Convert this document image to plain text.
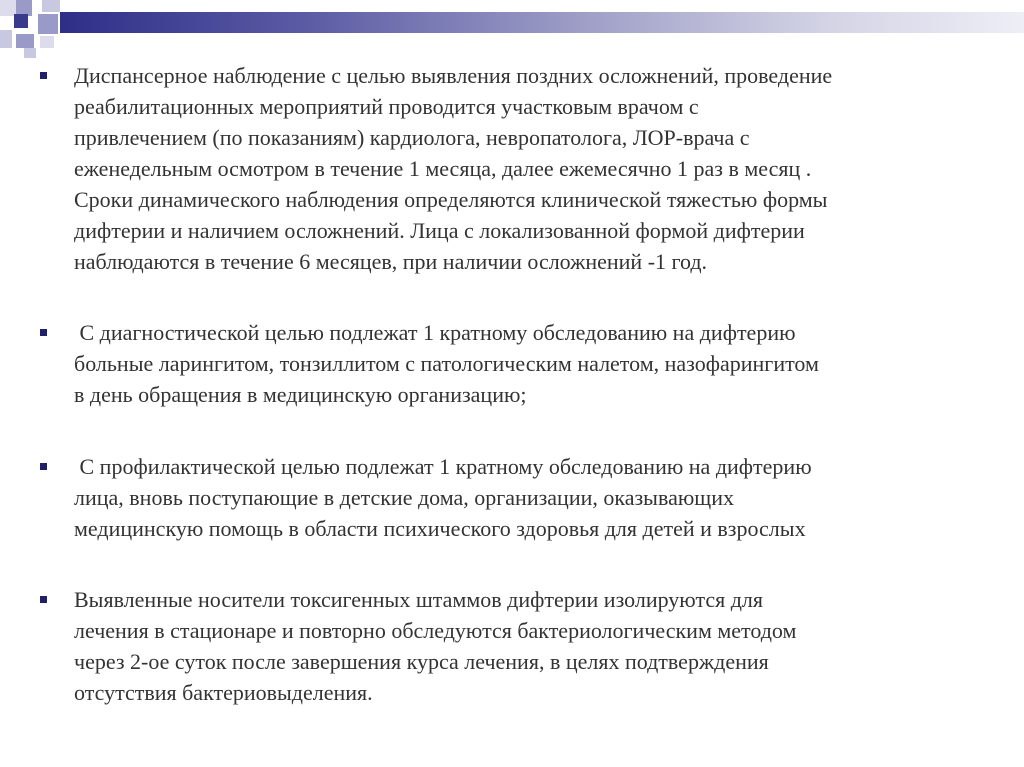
Диспансерное наблюдение с целью выявления поздних осложнений, проведение
реабилитационных мероприятий проводится участковым врачом с
привлечением (по показаниям) кардиолога, невропатолога, ЛОР-врача с
еженедельным осмотром в течение 1 месяца, далее ежемесячно 1 раз в месяц .
Сроки динамического наблюдения определяются клинической тяжестью формы
дифтерии и наличием осложнений. Лица с локализованной формой дифтерии
наблюдаются в течение 6 месяцев, при наличии осложнений -1 год.
С диагностической целью подлежат 1 кратному обследованию на дифтерию
больные ларингитом, тонзиллитом с патологическим налетом, назофарингитом
в день обращения в медицинскую организацию;
С профилактической целью подлежат 1 кратному обследованию на дифтерию
лица, вновь поступающие в детские дома, организации, оказывающих
медицинскую помощь в области психического здоровья для детей и взрослых
Выявленные носители токсигенных штаммов дифтерии изолируются для
лечения в стационаре и повторно обследуются бактериологическим методом
через 2-ое суток после завершения курса лечения, в целях подтверждения
отсутствия бактериовыделения.
